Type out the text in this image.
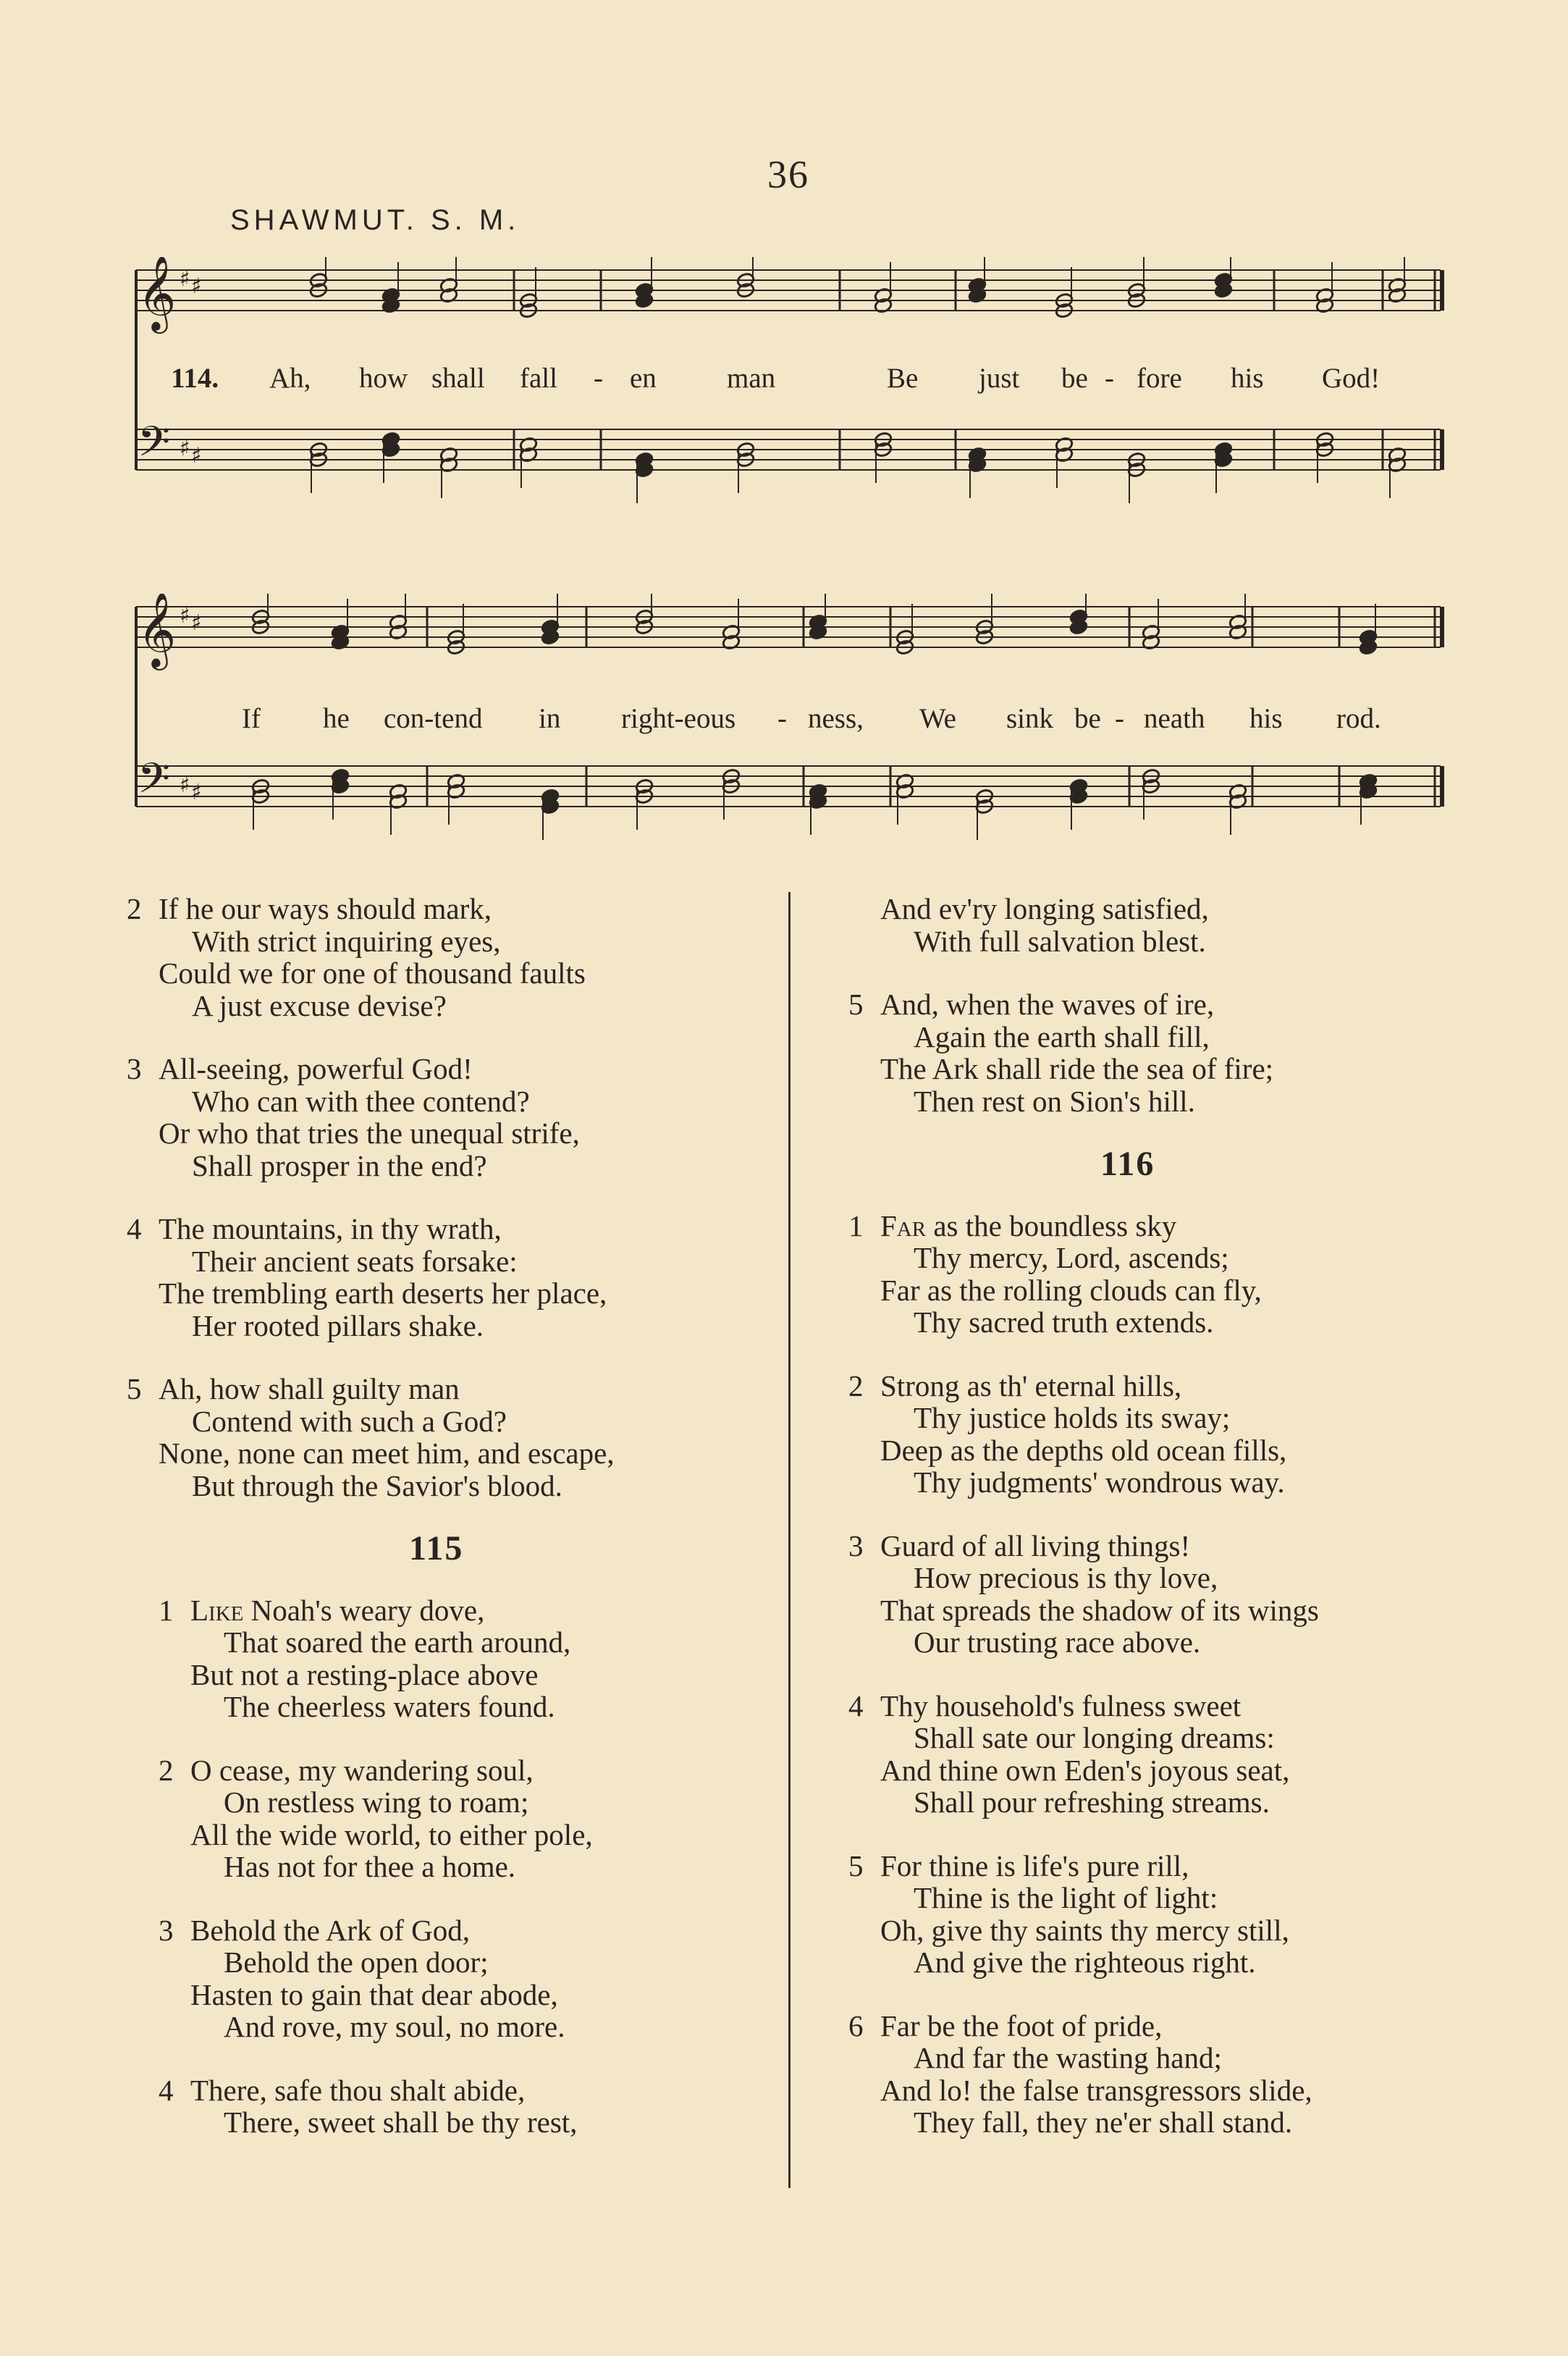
36
SHAWMUT. S. M.
𝄞 ♯ ♯
𝄢 ♯ ♯
114. Ah, how shall fall - en man	Be just be - fore his God!
𝄞 ♯ ♯
𝄢 ♯ ♯
If he con-tend in right-eous - ness, We sink be - neath his rod.
2 If he our ways should mark,
With strict inquiring eyes,
Could we for one of thousand faults
A just excuse devise?
3 All-seeing, powerful God!
Who can with thee contend?
Or who that tries the unequal strife,
Shall prosper in the end?
4 The mountains, in thy wrath,
Their ancient seats forsake:
The trembling earth deserts her place,
Her rooted pillars shake.
5 Ah, how shall guilty man
Contend with such a God?
None, none can meet him, and escape,
But through the Savior's blood.
115
1 Like Noah's weary dove,
That soared the earth around,
But not a resting-place above
The cheerless waters found.
2 O cease, my wandering soul,
On restless wing to roam;
All the wide world, to either pole,
Has not for thee a home.
3 Behold the Ark of God,
Behold the open door;
Hasten to gain that dear abode,
And rove, my soul, no more.
4 There, safe thou shalt abide,
There, sweet shall be thy rest,
And ev'ry longing satisfied,
With full salvation blest.
5 And, when the waves of ire,
Again the earth shall fill,
The Ark shall ride the sea of fire;
Then rest on Sion's hill.
116
1 Far as the boundless sky
Thy mercy, Lord, ascends;
Far as the rolling clouds can fly,
Thy sacred truth extends.
2 Strong as th' eternal hills,
Thy justice holds its sway;
Deep as the depths old ocean fills,
Thy judgments' wondrous way.
3 Guard of all living things!
How precious is thy love,
That spreads the shadow of its wings
Our trusting race above.
4 Thy household's fulness sweet
Shall sate our longing dreams:
And thine own Eden's joyous seat,
Shall pour refreshing streams.
5 For thine is life's pure rill,
Thine is the light of light:
Oh, give thy saints thy mercy still,
And give the righteous right.
6 Far be the foot of pride,
And far the wasting hand;
And lo! the false transgressors slide,
They fall, they ne'er shall stand.
